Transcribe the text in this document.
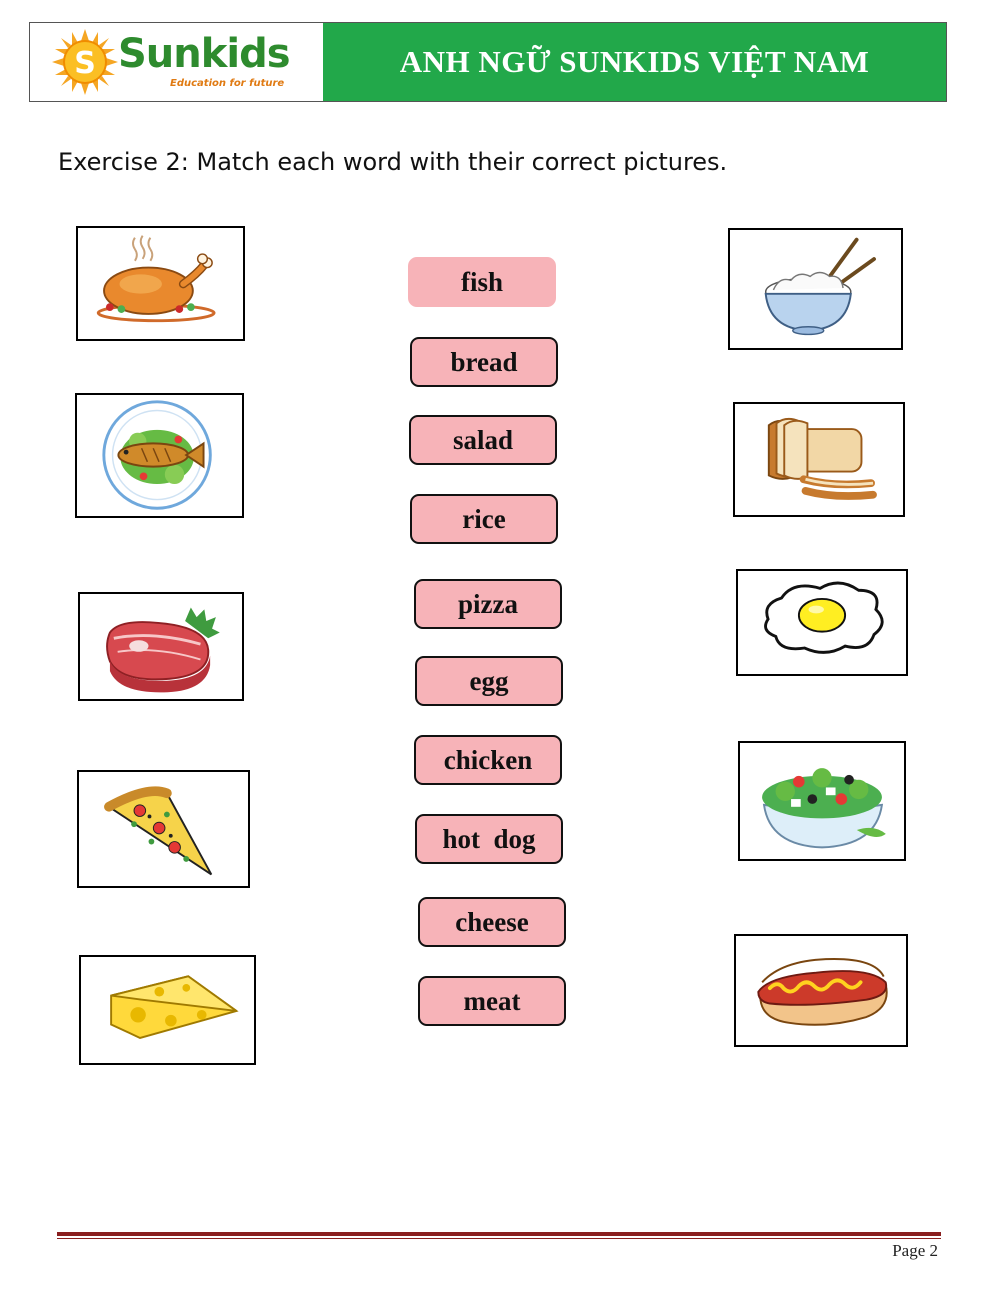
S Sunkids
Education for future
ANH NGỮ SUNKIDS VIỆT NAM
Exercise 2: Match each word with their correct pictures.
fish
bread
salad
rice
pizza
egg
chicken
hot  dog
cheese
meat
Page 2
